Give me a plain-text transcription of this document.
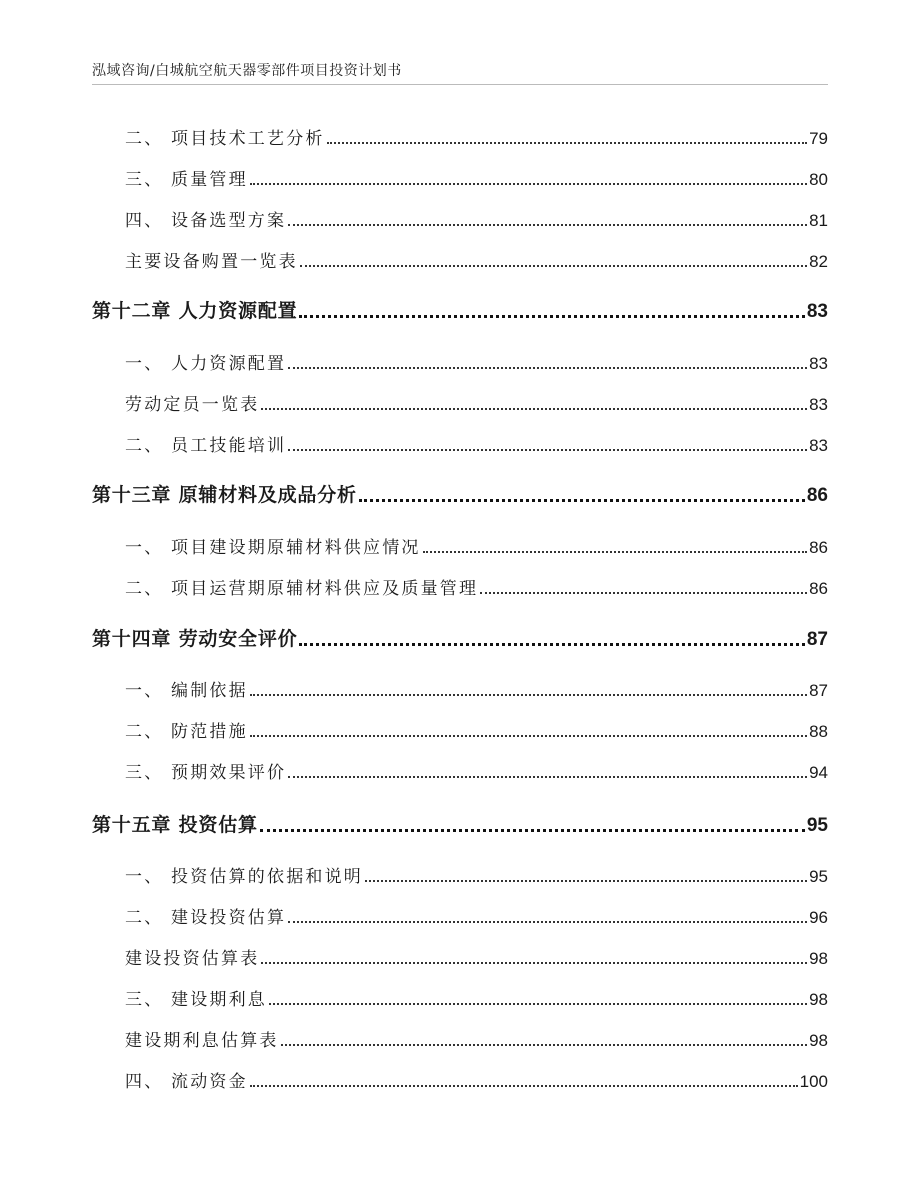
泓域咨询/白城航空航天器零部件项目投资计划书
二、 项目技术工艺分析	79
三、 质量管理	80
四、 设备选型方案	81
主要设备购置一览表	82
第十二章 人力资源配置	83
一、 人力资源配置	83
劳动定员一览表	83
二、 员工技能培训	83
第十三章 原辅材料及成品分析	86
一、 项目建设期原辅材料供应情况	86
二、 项目运营期原辅材料供应及质量管理	86
第十四章 劳动安全评价	87
一、 编制依据	87
二、 防范措施	88
三、 预期效果评价	94
第十五章 投资估算	95
一、 投资估算的依据和说明	95
二、 建设投资估算	96
建设投资估算表	98
三、 建设期利息	98
建设期利息估算表	98
四、 流动资金	100
